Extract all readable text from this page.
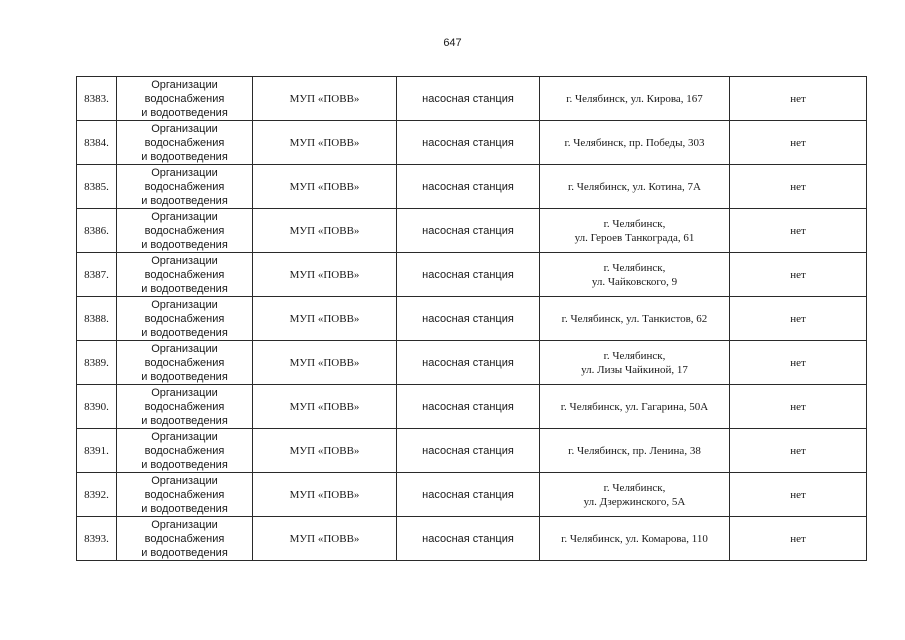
647
8383.	Организации
водоснабжения
и водоотведения	МУП «ПОВВ»	насосная станция	г. Челябинск, ул. Кирова, 167	нет
8384.	Организации
водоснабжения
и водоотведения	МУП «ПОВВ»	насосная станция	г. Челябинск, пр. Победы, 303	нет
8385.	Организации
водоснабжения
и водоотведения	МУП «ПОВВ»	насосная станция	г. Челябинск, ул. Котина, 7А	нет
8386.	Организации
водоснабжения
и водоотведения	МУП «ПОВВ»	насосная станция	г. Челябинск,
ул. Героев Танкограда, 61	нет
8387.	Организации
водоснабжения
и водоотведения	МУП «ПОВВ»	насосная станция	г. Челябинск,
ул. Чайковского, 9	нет
8388.	Организации
водоснабжения
и водоотведения	МУП «ПОВВ»	насосная станция	г. Челябинск, ул. Танкистов, 62	нет
8389.	Организации
водоснабжения
и водоотведения	МУП «ПОВВ»	насосная станция	г. Челябинск,
ул. Лизы Чайкиной, 17	нет
8390.	Организации
водоснабжения
и водоотведения	МУП «ПОВВ»	насосная станция	г. Челябинск, ул. Гагарина, 50А	нет
8391.	Организации
водоснабжения
и водоотведения	МУП «ПОВВ»	насосная станция	г. Челябинск, пр. Ленина, 38	нет
8392.	Организации
водоснабжения
и водоотведения	МУП «ПОВВ»	насосная станция	г. Челябинск,
ул. Дзержинского, 5А	нет
8393.	Организации
водоснабжения
и водоотведения	МУП «ПОВВ»	насосная станция	г. Челябинск, ул. Комарова, 110	нет
